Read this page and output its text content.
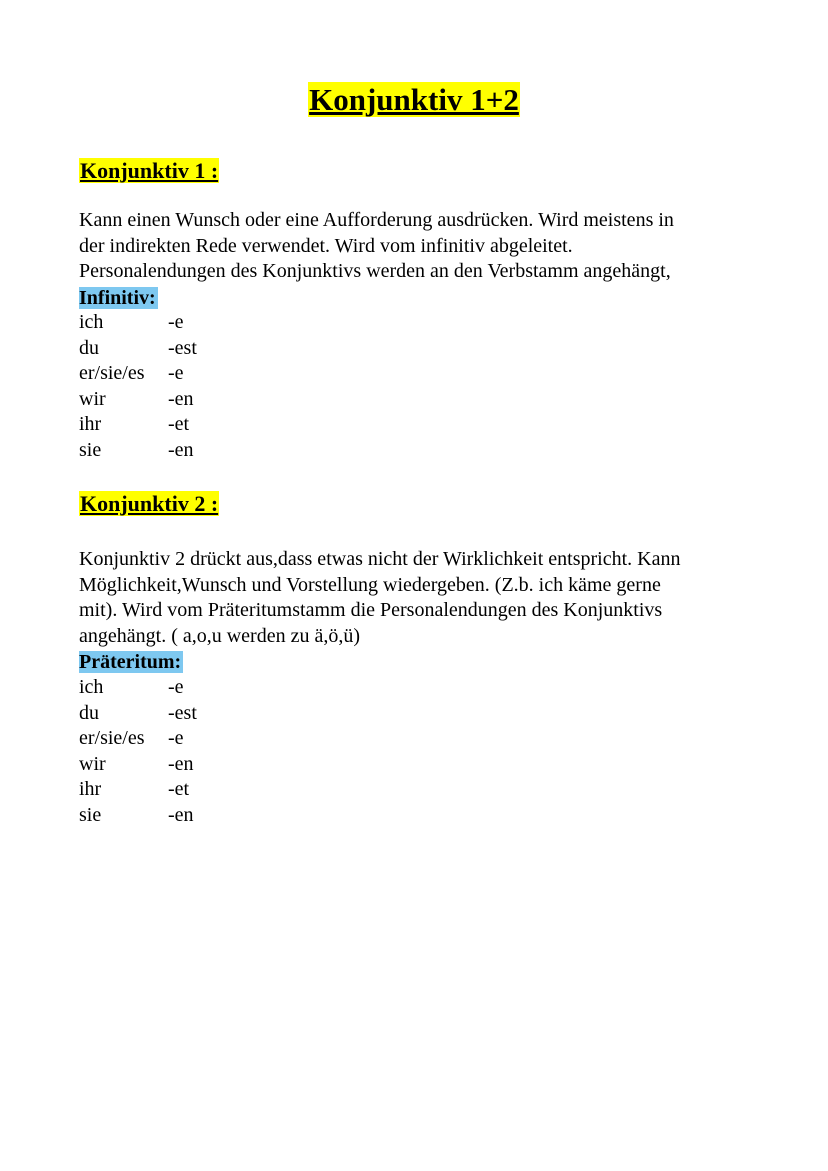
Konjunktiv 1+2
Konjunktiv 1 :
Kann einen Wunsch oder eine Aufforderung ausdrücken. Wird meistens in
der indirekten Rede verwendet. Wird vom infinitiv abgeleitet.
Personalendungen des Konjunktivs werden an den Verbstamm angehängt,
Infinitiv:
ich	-e
du	-est
er/sie/es -e
wir	-en
ihr	-et
sie	-en
Konjunktiv 2 :
Konjunktiv 2 drückt aus,dass etwas nicht der Wirklichkeit entspricht. Kann
Möglichkeit,Wunsch und Vorstellung wiedergeben. (Z.b. ich käme gerne
mit). Wird vom Präteritumstamm die Personalendungen des Konjunktivs
angehängt. ( a,o,u werden zu ä,ö,ü)
Präteritum:
ich	-e
du	-est
er/sie/es -e
wir	-en
ihr	-et
sie	-en
